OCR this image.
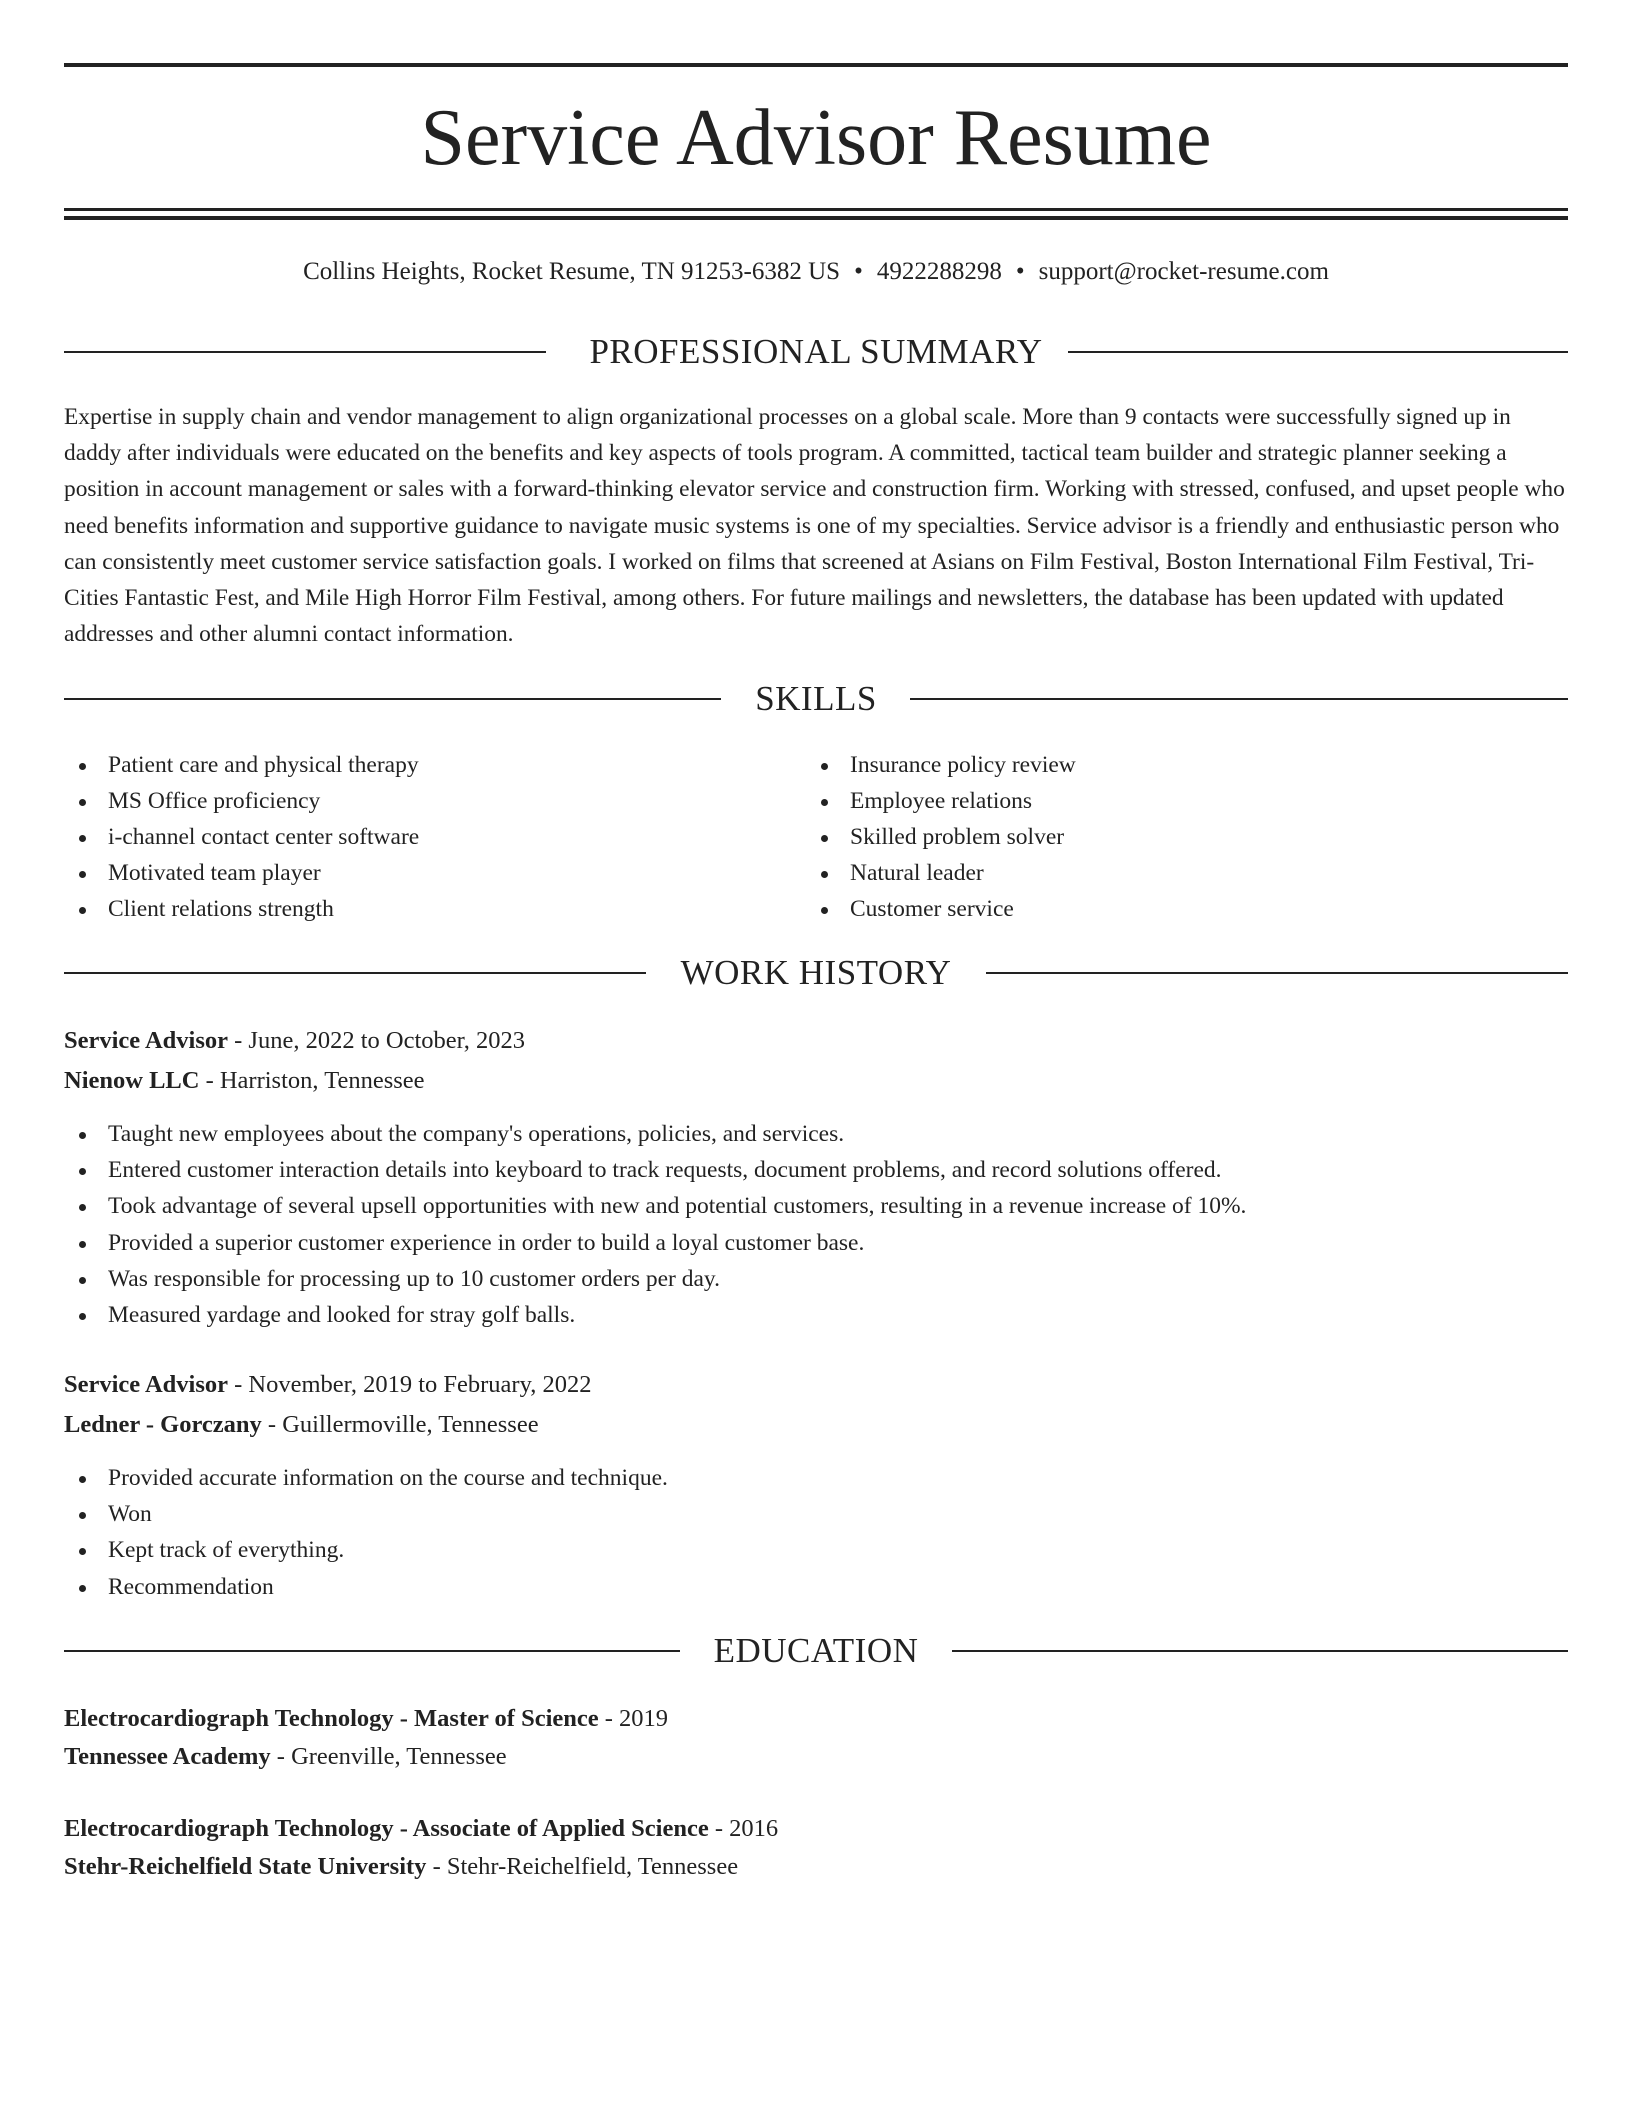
Service Advisor Resume
Collins Heights, Rocket Resume, TN 91253-6382 US • 4922288298 • support@rocket-resume.com
PROFESSIONAL SUMMARY

Expertise in supply chain and vendor management to align organizational processes on a global scale. More than 9 contacts were successfully signed up in daddy after individuals were educated on the benefits and key aspects of tools program. A committed, tactical team builder and strategic planner seeking a position in account management or sales with a forward-thinking elevator service and construction firm. Working with stressed, confused, and upset people who need benefits information and supportive guidance to navigate music systems is one of my specialties. Service advisor is a friendly and enthusiastic person who can consistently meet customer service satisfaction goals. I worked on films that screened at Asians on Film Festival, Boston International Film Festival, Tri-Cities Fantastic Fest, and Mile High Horror Film Festival, among others. For future mailings and newsletters, the database has been updated with updated addresses and other alumni contact information.

SKILLS
Patient care and physical therapy
MS Office proficiency
i-channel contact center software
Motivated team player
Client relations strength
Insurance policy review
Employee relations
Skilled problem solver
Natural leader
Customer service
WORK HISTORY
Service Advisor - June, 2022 to October, 2023
Nienow LLC - Harriston, Tennessee
Taught new employees about the company's operations, policies, and services.
Entered customer interaction details into keyboard to track requests, document problems, and record solutions offered.
Took advantage of several upsell opportunities with new and potential customers, resulting in a revenue increase of 10%.
Provided a superior customer experience in order to build a loyal customer base.
Was responsible for processing up to 10 customer orders per day.
Measured yardage and looked for stray golf balls.
Service Advisor - November, 2019 to February, 2022
Ledner - Gorczany - Guillermoville, Tennessee
Provided accurate information on the course and technique.
Won
Kept track of everything.
Recommendation
EDUCATION
Electrocardiograph Technology - Master of Science - 2019
Tennessee Academy - Greenville, Tennessee
Electrocardiograph Technology - Associate of Applied Science - 2016
Stehr-Reichelfield State University - Stehr-Reichelfield, Tennessee
